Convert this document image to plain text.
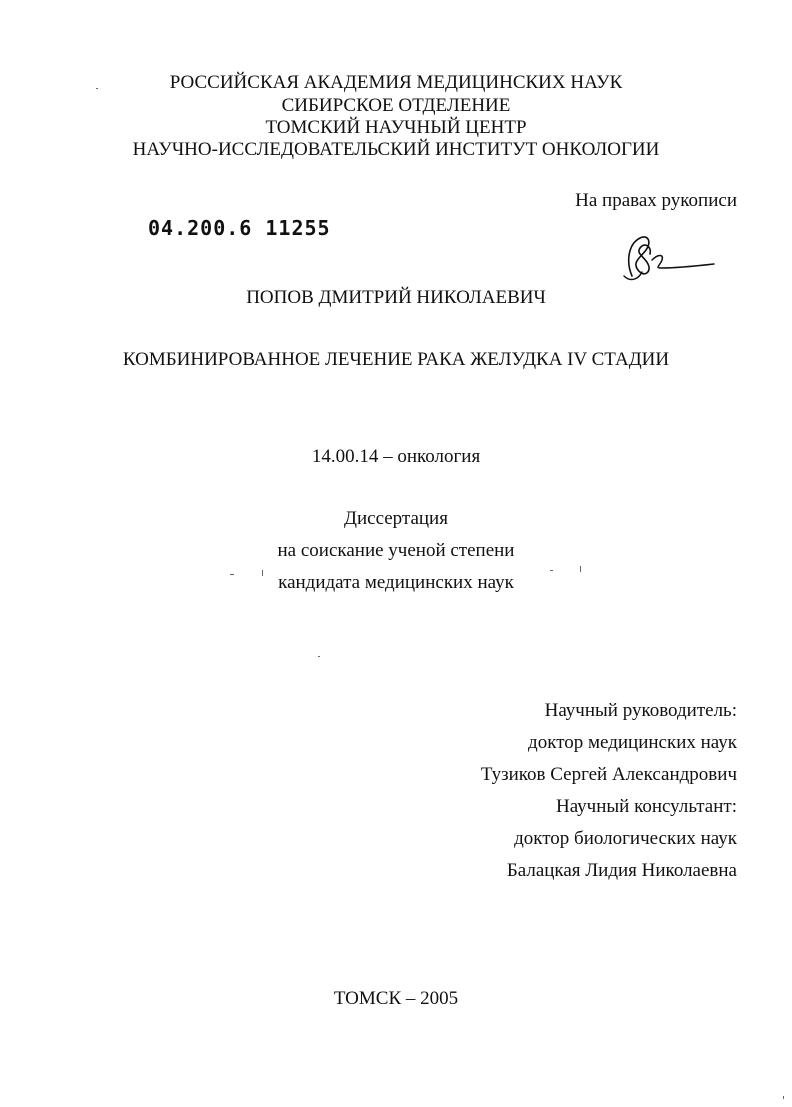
РОССИЙСКАЯ АКАДЕМИЯ МЕДИЦИНСКИХ НАУК
СИБИРСКОЕ ОТДЕЛЕНИЕ
ТОМСКИЙ НАУЧНЫЙ ЦЕНТР
НАУЧНО-ИССЛЕДОВАТЕЛЬСКИЙ ИНСТИТУТ ОНКОЛОГИИ
На правах рукописи
04.200.6 11255
ПОПОВ ДМИТРИЙ НИКОЛАЕВИЧ
КОМБИНИРОВАННОЕ ЛЕЧЕНИЕ РАКА ЖЕЛУДКА IV СТАДИИ
14.00.14 – онкология
Диссертация
на соискание ученой степени
кандидата медицинских наук
Научный руководитель:
доктор медицинских наук
Тузиков Сергей Александрович
Научный консультант:
доктор биологических наук
Балацкая Лидия Николаевна
ТОМСК – 2005
